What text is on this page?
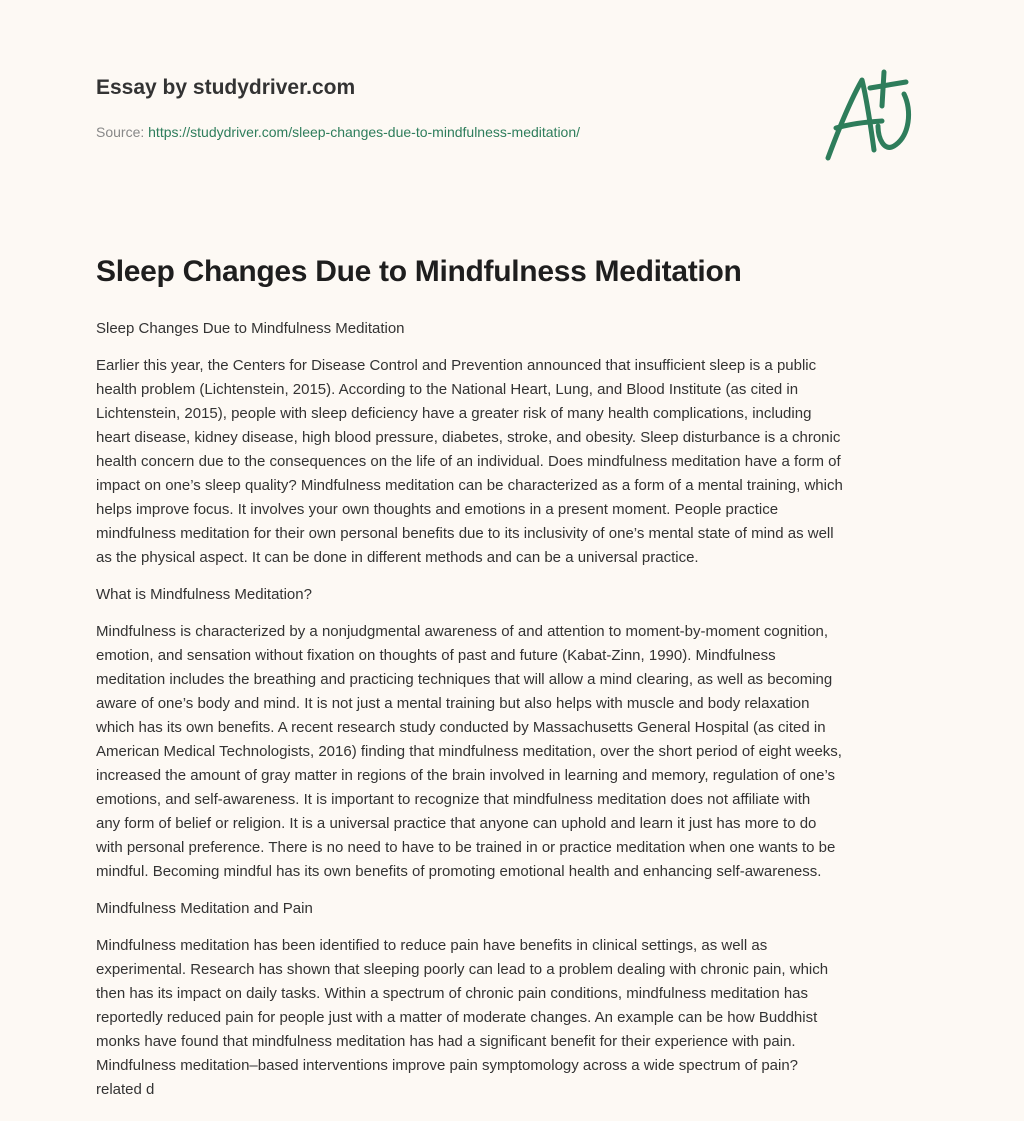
Essay by studydriver.com
Source: https://studydriver.com/sleep-changes-due-to-mindfulness-meditation/
Sleep Changes Due to Mindfulness Meditation

Sleep Changes Due to Mindfulness Meditation

Earlier this year, the Centers for Disease Control and Prevention announced that insufficient sleep is a public
health problem (Lichtenstein, 2015). According to the National Heart, Lung, and Blood Institute (as cited in
Lichtenstein, 2015), people with sleep deficiency have a greater risk of many health complications, including
heart disease, kidney disease, high blood pressure, diabetes, stroke, and obesity. Sleep disturbance is a chronic
health concern due to the consequences on the life of an individual. Does mindfulness meditation have a form of
impact on one’s sleep quality? Mindfulness meditation can be characterized as a form of a mental training, which
helps improve focus. It involves your own thoughts and emotions in a present moment. People practice
mindfulness meditation for their own personal benefits due to its inclusivity of one’s mental state of mind as well
as the physical aspect. It can be done in different methods and can be a universal practice.

What is Mindfulness Meditation?

Mindfulness is characterized by a nonjudgmental awareness of and attention to moment-by-moment cognition,
emotion, and sensation without fixation on thoughts of past and future (Kabat-Zinn, 1990). Mindfulness
meditation includes the breathing and practicing techniques that will allow a mind clearing, as well as becoming
aware of one’s body and mind. It is not just a mental training but also helps with muscle and body relaxation
which has its own benefits. A recent research study conducted by Massachusetts General Hospital (as cited in
American Medical Technologists, 2016) finding that mindfulness meditation, over the short period of eight weeks,
increased the amount of gray matter in regions of the brain involved in learning and memory, regulation of one’s
emotions, and self-awareness. It is important to recognize that mindfulness meditation does not affiliate with
any form of belief or religion. It is a universal practice that anyone can uphold and learn it just has more to do
with personal preference. There is no need to have to be trained in or practice meditation when one wants to be
mindful. Becoming mindful has its own benefits of promoting emotional health and enhancing self-awareness.

Mindfulness Meditation and Pain

Mindfulness meditation has been identified to reduce pain have benefits in clinical settings, as well as
experimental. Research has shown that sleeping poorly can lead to a problem dealing with chronic pain, which
then has its impact on daily tasks. Within a spectrum of chronic pain conditions, mindfulness meditation has
reportedly reduced pain for people just with a matter of moderate changes. An example can be how Buddhist
monks have found that mindfulness meditation has had a significant benefit for their experience with pain.
Mindfulness meditation–based interventions improve pain symptomology across a wide spectrum of pain?
related d
